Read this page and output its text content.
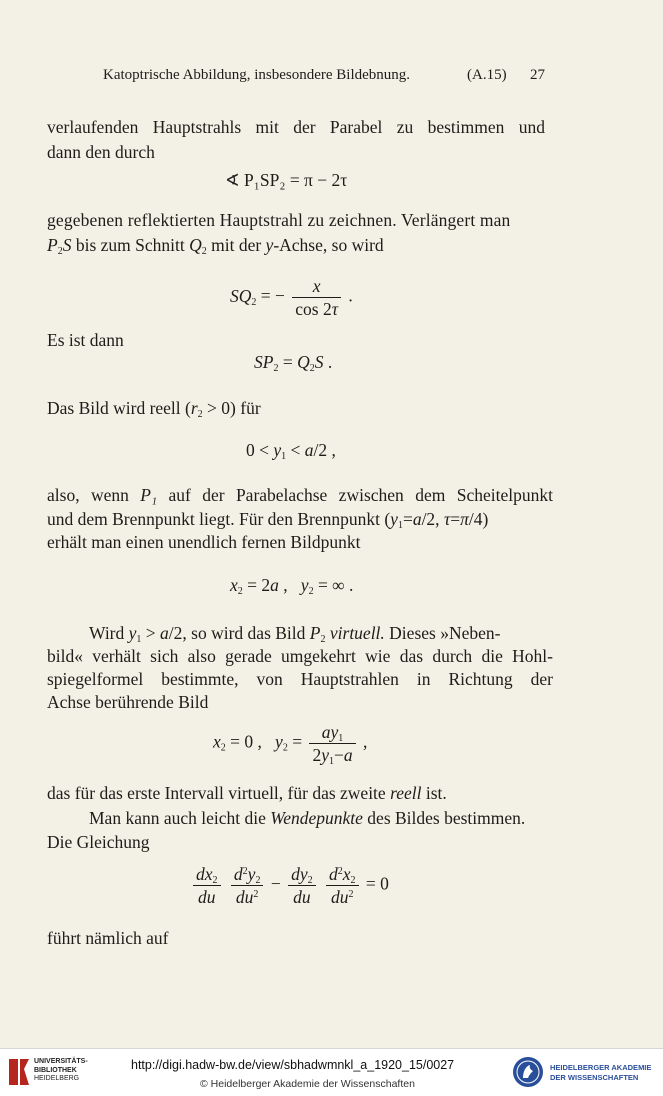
Katoptrische Abbildung, insbesondere Bildebnung.	(A.15) 27
verlaufenden Hauptstrahls mit der Parabel zu bestimmen und
dann den durch
∢ P₁SP₂ = π − 2τ
gegebenen reflektierten Hauptstrahl zu zeichnen. Verlängert man
$P_2S$ bis zum Schnitt $Q_2$ mit der y-Achse, so wird
$SQ_2$ = − $\frac{x}{\cos 2\tau}$ .
Es ist dann
$SP_2 = Q_2S$ .
Das Bild wird reell $(r_2 > 0)$ für
$0 < y_1 < a/2$ ,
also, wenn P₁ auf der Parabelachse zwischen dem Scheitelpunkt
und dem Brennpunkt liegt. Für den Brennpunkt ($y_1=a/2$, τ=π/4)
erhält man einen unendlich fernen Bildpunkt
$x_2 = 2a$ ,   $y_2$ = ∞ .
Wird $y_1 > a/2$, so wird das Bild $P_2$ virtuell. Dieses »Neben-
bild« verhält sich also gerade umgekehrt wie das durch die Hohl-
spiegelformel bestimmte, von Hauptstrahlen in Richtung der
Achse berührende Bild
$x_2 = 0$ ,   $y_2 = \frac{ay_1}{2y_1-a}$ ,
das für das erste Intervall virtuell, für das zweite reell ist.
Man kann auch leicht die Wendepunkte des Bildes bestimmen.
Die Gleichung
$\frac{dx_2}{du}$
$\frac{d^2y_2}{du^2} - \frac{dy_2}{du}$
$\frac{d^2x_2}{du^2} = 0$
führt nämlich auf
UNIVERSITÄTS-
BIBLIOTHEK
HEIDELBERG
http://digi.hadw-bw.de/view/sbhadwmnkl_a_1920_15/0027
© Heidelberger Akademie der Wissenschaften
HEIDELBERGER AKADEMIE
DER WISSENSCHAFTEN
